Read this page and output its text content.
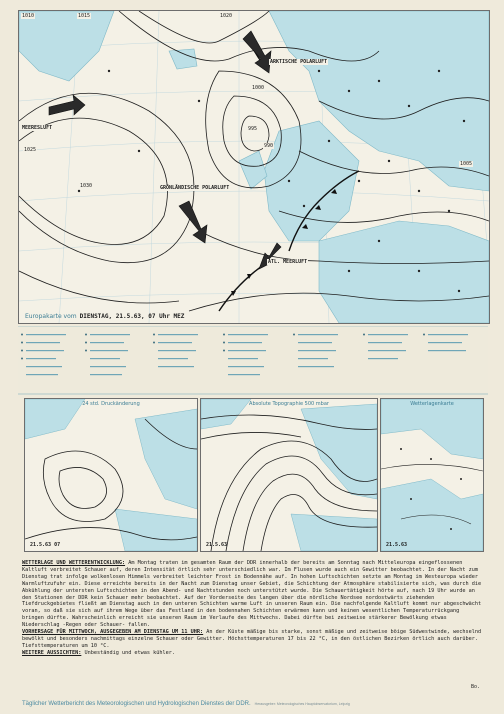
ARKTISCHE POLARLUFT
GRÖNLÄNDISCHE POLARLUFT
MEERESLUFT
ATL. MEERLUFT
1010	1015	1020
1025
1030
1000
995
990
1005
Europakarte vom DIENSTAG, 21.5.63, 07 Uhr MEZ
24 std. Druckänderung
21.5.63 07
Absolute Topographie 500 mbar
21.5.63
Wetterlagenkarte
21.5.63

WETTERLAGE UND WETTERENTWICKLUNG: Am Montag traten im gesamten Raum der DDR innerhalb der bereits am Sonntag nach Mitteleuropa eingeflossenen Kaltluft verbreitet Schauer auf, deren Intensität örtlich sehr unterschiedlich war. Im Flusen wurde auch ein Gewitter beobachtet. In der Nacht zum Dienstag trat infolge wolkenlosen Himmels verbreitet leichter Frost in Bodennähe auf. In hohen Luftschichten setzte am Montag im Westeuropa wieder Warmluftzufuhr ein. Diese erreichte bereits in der Nacht zum Dienstag unser Gebiet, die Schichtung der Atmosphäre stabilisierte sich, was durch die Abkühlung der untersten Luftschichten in den Abend- und Nachtstunden noch unterstützt wurde. Die Schauertätigkeit hörte auf, nach 19 Uhr wurde an den Stationen der DDR kein Schauer mehr beobachtet. Auf der Vorderseite des langen über die nördliche Nordsee nordostwärts ziehenden Tiefdruckgebietes fließt am Dienstag auch in den unteren Schichten warme Luft in unseren Raum ein. Die nachfolgende Kaltluft kommt nur abgeschwächt voran, so daß sie sich auf ihrem Wege über das Festland in den bodennahen Schichten erwärmen kann und keinen wesentlichen Temperaturrückgang bringen dürfte. Wahrscheinlich erreicht sie unseren Raum im Verlaufe des Mittwochs. Dabei dürfte bei zeitweise stärkerer Bewölkung etwas Niederschlag -Regen oder Schauer- fallen.

VORHERSAGE FÜR MITTWOCH, AUSGEGEBEN AM DIENSTAG UM 11 UHR: An der Küste mäßige bis starke, sonst mäßige und zeitweise böige Südwestwinde, wechselnd bewölkt und besonders nachmittags einzelne Schauer oder Gewitter. Höchsttemperaturen 17 bis 22 °C, in den östlichen Bezirken örtlich auch darüber. Tiefsttemperaturen um 10 °C.

WEITERE AUSSICHTEN: Unbeständig und etwas kühler.

Bo.
Täglicher Wetterbericht des Meteorologischen und Hydrologischen Dienstes der DDR. Herausgeber: Meteorologisches Hauptobservatorium, Leipzig
